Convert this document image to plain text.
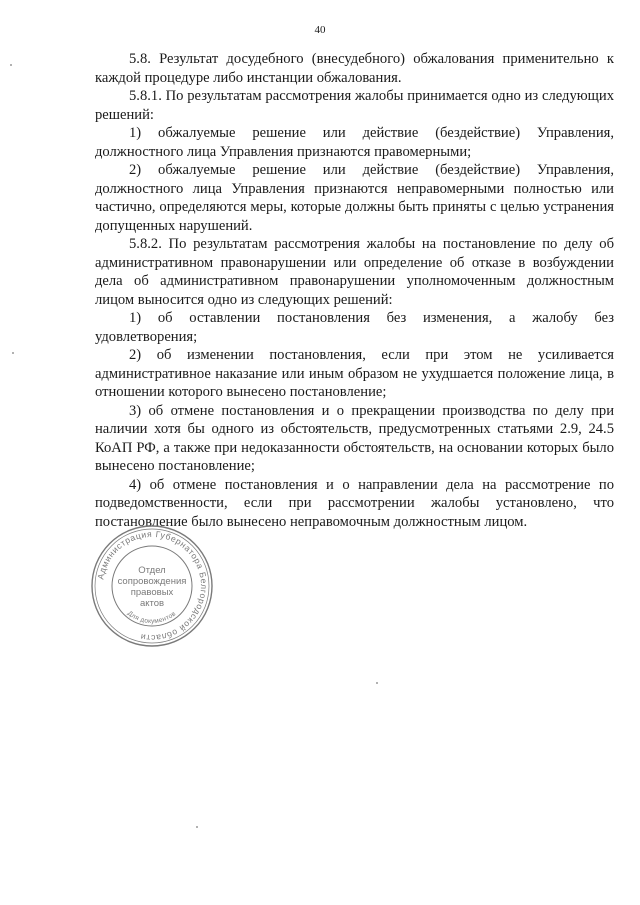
40

5.8. Результат досудебного (внесудебного) обжалования применительно к каждой процедуре либо инстанции обжалования.

5.8.1. По результатам рассмотрения жалобы принимается одно из следующих решений:

1) обжалуемые решение или действие (бездействие) Управления, должностного лица Управления признаются правомерными;

2) обжалуемые решение или действие (бездействие) Управления, должностного лица Управления признаются неправомерными полностью или частично, определяются меры, которые должны быть приняты с целью устранения допущенных нарушений.

5.8.2. По результатам рассмотрения жалобы на постановление по делу об административном правонарушении или определение об отказе в возбуждении дела об административном правонарушении уполномоченным должностным лицом выносится одно из следующих решений:

1) об оставлении постановления без изменения, а жалобу без удовлетворения;

2) об изменении постановления, если при этом не усиливается административное наказание или иным образом не ухудшается положение лица, в отношении которого вынесено постановление;

3) об отмене постановления и о прекращении производства по делу при наличии хотя бы одного из обстоятельств, предусмотренных статьями 2.9, 24.5 КоАП РФ, а также при недоказанности обстоятельств, на основании которых было вынесено постановление;

4) об отмене постановления и о направлении дела на рассмотрение по подведомственности, если при рассмотрении жалобы установлено, что постановление было вынесено неправомочным должностным лицом.

Администрация Губернатора Белгородской области
Для документов
Отдел
сопровождения
правовых
актов
